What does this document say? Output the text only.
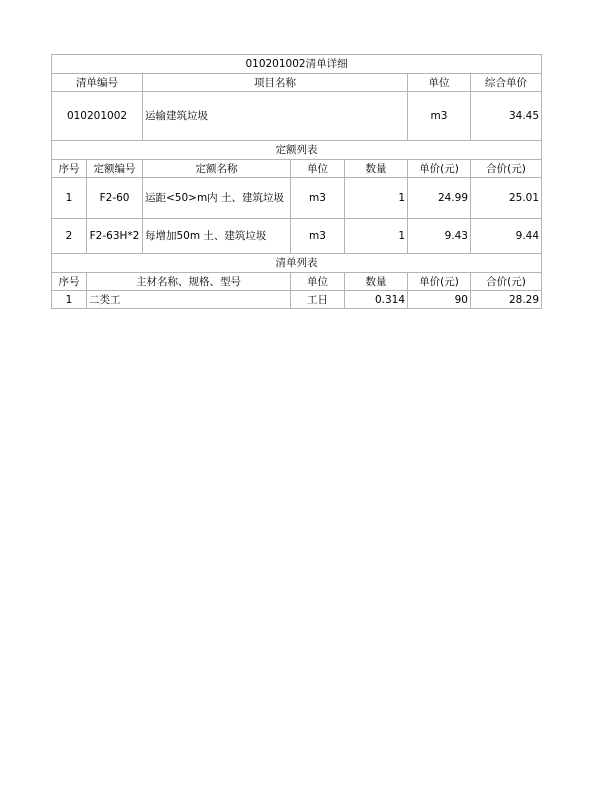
010201002清单详细						
清单编号		项目名称			单位	综合单价
010201002		运输建筑垃圾			m3	34.45
定额列表						
序号	定额编号	定额名称	单位	数量	单价(元)	合价(元)
1	F2-60	运距<50>m内 土、建筑垃圾	m3	1	24.99	25.01
2	F2-63H*2	每增加50m 土、建筑垃圾	m3	1	9.43	9.44
清单列表						
序号	主材名称、规格、型号		单位	数量	单价(元)	合价(元)
1	二类工		工日	0.314	90	28.29
